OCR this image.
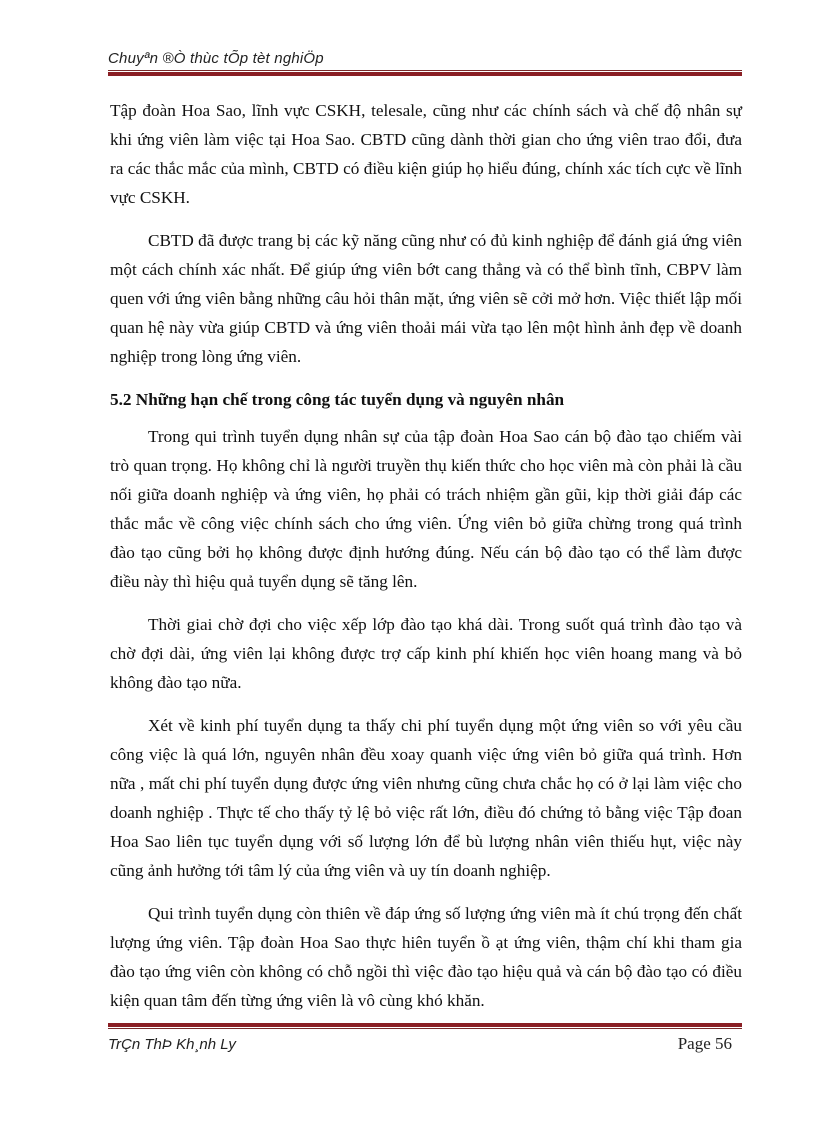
Chuyªn ®Ò thùc tÕp tèt nghiÖp

Tập đoàn Hoa Sao, lĩnh vực CSKH, telesale, cũng như các chính sách và chế độ nhân sự khi ứng viên làm việc tại Hoa Sao. CBTD cũng dành thời gian cho ứng viên trao đổi, đưa ra các thắc mắc của mình, CBTD có điều kiện giúp họ hiểu đúng, chính xác tích cực về lĩnh vực CSKH.

CBTD đã được trang bị các kỹ năng cũng như có đủ kinh nghiệp để đánh giá ứng viên một cách chính xác nhất. Để giúp ứng viên bớt cang thẳng và có thể bình tĩnh, CBPV làm quen với ứng viên bằng những câu hỏi thân mặt, ứng viên sẽ cởi mở hơn. Việc thiết lập mối quan hệ này vừa giúp CBTD và ứng viên thoải mái vừa tạo lên một hình ảnh đẹp về doanh nghiệp trong lòng ứng viên.

5.2 Những hạn chế trong công tác tuyển dụng và nguyên nhân

Trong qui trình tuyển dụng nhân sự của tập đoàn Hoa Sao cán bộ đào tạo chiếm vài trò quan trọng. Họ không chỉ là người truyền thụ kiến thức cho học viên mà còn phải là cầu nối giữa doanh nghiệp và ứng viên, họ phải có trách nhiệm gần gũi, kịp thời giải đáp các thắc mắc về công việc chính sách cho ứng viên. Ứng viên bỏ giữa chừng trong quá trình đào tạo cũng bởi họ không được định hướng đúng. Nếu cán bộ đào tạo có thể làm được điều này thì hiệu quả tuyển dụng sẽ tăng lên.

Thời giai chờ đợi cho việc xếp lớp đào tạo khá dài. Trong suốt quá trình đào tạo và chờ đợi dài, ứng viên lại không được trợ cấp kinh phí khiến học viên hoang mang và bỏ không đào tạo nữa.

Xét về kinh phí tuyển dụng ta thấy chi phí tuyển dụng một ứng viên so với yêu cầu công việc là quá lớn, nguyên nhân đều xoay quanh việc ứng viên bỏ giữa quá trình. Hơn nữa , mất chi phí tuyển dụng được ứng viên nhưng cũng chưa chắc họ có ở lại làm việc cho doanh nghiệp . Thực tế cho thấy tỷ lệ bỏ việc rất lớn, điều đó chứng tỏ bằng việc Tập đoan Hoa Sao liên tục tuyển dụng với số lượng lớn để bù lượng nhân viên thiếu hụt, việc này cũng ảnh hưởng tới tâm lý của ứng viên và uy tín doanh nghiệp.

Qui trình tuyển dụng còn thiên về đáp ứng số lượng ứng viên mà ít chú trọng đến chất lượng ứng viên. Tập đoàn Hoa Sao thực hiên tuyển ồ ạt ứng viên, thậm chí khi tham gia đào tạo ứng viên còn không có chỗ ngồi thì việc đào tạo hiệu quả và cán bộ đào tạo có điều kiện quan tâm đến từng ứng viên là vô cùng khó khăn.

TrÇn ThÞ Kh¸nh Ly	Page 56
